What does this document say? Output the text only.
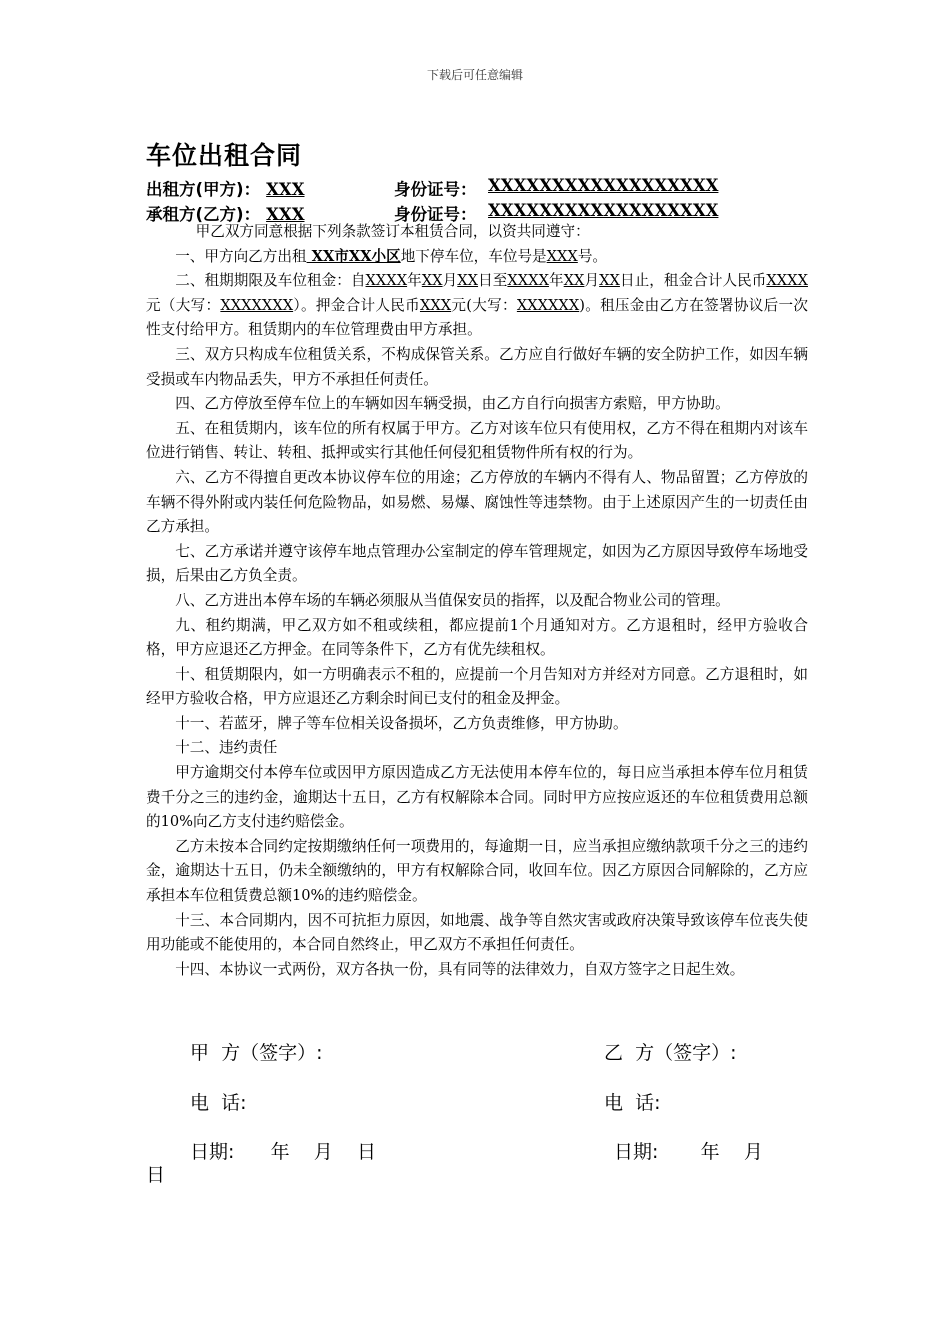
下载后可任意编辑
车位出租合同
出租方(甲方)： XXX	身份证号： XXXXXXXXXXXXXXXXXX
承租方(乙方)： XXX	身份证号： XXXXXXXXXXXXXXXXXX

甲乙双方同意根据下列条款签订本租赁合同，以资共同遵守：

一、甲方向乙方出租 XX市XX小区地下停车位，车位号是XXX号。

二、租期期限及车位租金：自XXXX年XX月XX日至XXXX年XX月XX日止，租金合计人民币XXXX元（大写：XXXXXXX）。押金合计人民币XXX元(大写：XXXXXX)。租压金由乙方在签署协议后一次性支付给甲方。租赁期内的车位管理费由甲方承担。

三、双方只构成车位租赁关系，不构成保管关系。乙方应自行做好车辆的安全防护工作，如因车辆受损或车内物品丢失，甲方不承担任何责任。

四、乙方停放至停车位上的车辆如因车辆受损，由乙方自行向损害方索赔，甲方协助。

五、在租赁期内，该车位的所有权属于甲方。乙方对该车位只有使用权，乙方不得在租期内对该车位进行销售、转让、转租、抵押或实行其他任何侵犯租赁物件所有权的行为。

六、乙方不得擅自更改本协议停车位的用途；乙方停放的车辆内不得有人、物品留置；乙方停放的车辆不得外附或内装任何危险物品，如易燃、易爆、腐蚀性等违禁物。由于上述原因产生的一切责任由乙方承担。

七、乙方承诺并遵守该停车地点管理办公室制定的停车管理规定，如因为乙方原因导致停车场地受损，后果由乙方负全责。

八、乙方进出本停车场的车辆必须服从当值保安员的指挥，以及配合物业公司的管理。

九、租约期满，甲乙双方如不租或续租，都应提前1个月通知对方。乙方退租时，经甲方验收合格，甲方应退还乙方押金。在同等条件下，乙方有优先续租权。

十、租赁期限内，如一方明确表示不租的，应提前一个月告知对方并经对方同意。乙方退租时，如经甲方验收合格，甲方应退还乙方剩余时间已支付的租金及押金。

十一、若蓝牙，牌子等车位相关设备损坏，乙方负责维修，甲方协助。

十二、违约责任

甲方逾期交付本停车位或因甲方原因造成乙方无法使用本停车位的，每日应当承担本停车位月租赁费千分之三的违约金，逾期达十五日，乙方有权解除本合同。同时甲方应按应返还的车位租赁费用总额的10%向乙方支付违约赔偿金。

乙方未按本合同约定按期缴纳任何一项费用的，每逾期一日，应当承担应缴纳款项千分之三的违约金，逾期达十五日，仍未全额缴纳的，甲方有权解除合同，收回车位。因乙方原因合同解除的，乙方应承担本车位租赁费总额10%的违约赔偿金。

十三、本合同期内，因不可抗拒力原因，如地震、战争等自然灾害或政府决策导致该停车位丧失使用功能或不能使用的，本合同自然终止，甲乙双方不承担任何责任。

十四、本协议一式两份，双方各执一份，具有同等的法律效力，自双方签字之日起生效。

甲  方（签字）:	乙  方（签字）:
电  话:	电  话:
日期:      年    月    日	日期:       年    月
日
